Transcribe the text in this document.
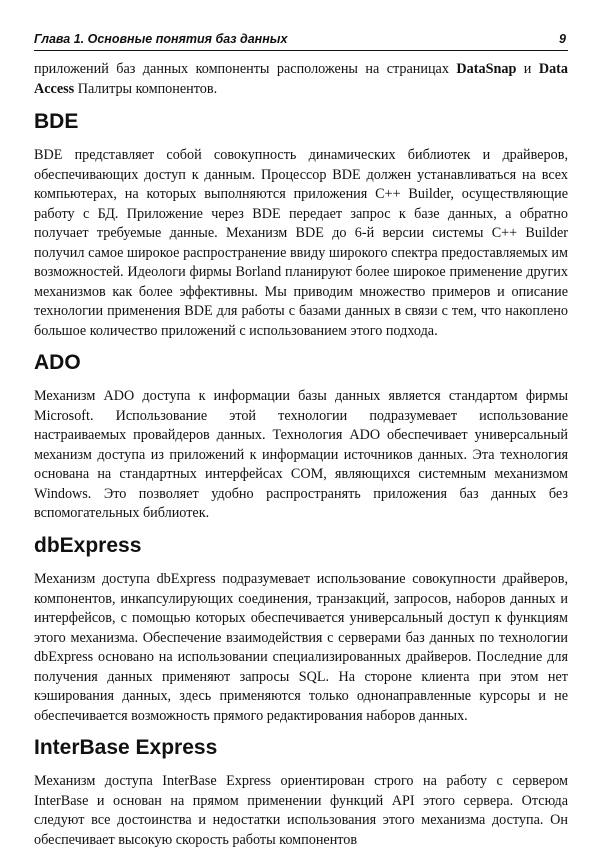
Глава 1. Основные понятия баз данных	9

приложений баз данных компоненты расположены на страницах DataSnap и Data Access Палитры компонентов.

BDE

BDE представляет собой совокупность динамических библиотек и драйверов, обеспечивающих доступ к данным. Процессор BDE должен устанавливаться на всех компьютерах, на которых выполняются приложения C++ Builder, осуществляющие работу с БД. Приложение через BDE передает запрос к базе данных, а обратно получает требуемые данные. Механизм BDE до 6-й версии системы C++ Builder получил самое широкое распространение ввиду широкого спектра предоставляемых им возможностей. Идеологи фирмы Borland планируют более широкое применение других механизмов как более эффективны. Мы приводим множество примеров и описание технологии применения BDE для работы с базами данных в связи с тем, что накоплено большое количество приложений с использованием этого подхода.

ADO

Механизм ADO доступа к информации базы данных является стандартом фирмы Microsoft. Использование этой технологии подразумевает использование настраиваемых провайдеров данных. Технология ADO обеспечивает универсальный механизм доступа из приложений к информации источников данных. Эта технология основана на стандартных интерфейсах COM, являющихся системным механизмом Windows. Это позволяет удобно распространять приложения баз данных без вспомогательных библиотек.

dbExpress

Механизм доступа dbExpress подразумевает использование совокупности драйверов, компонентов, инкапсулирующих соединения, транзакций, запросов, наборов данных и интерфейсов, с помощью которых обеспечивается универсальный доступ к функциям этого механизма. Обеспечение взаимодействия с серверами баз данных по технологии dbExpress основано на использовании специализированных драйверов. Последние для получения данных применяют запросы SQL. На стороне клиента при этом нет кэширования данных, здесь применяются только однонаправленные курсоры и не обеспечивается возможность прямого редактирования наборов данных.

InterBase Express

Механизм доступа InterBase Express ориентирован строго на работу с сервером InterBase и основан на прямом применении функций API этого сервера. Отсюда следуют все достоинства и недостатки использования этого механизма доступа. Он обеспечивает высокую скорость работы компонентов
